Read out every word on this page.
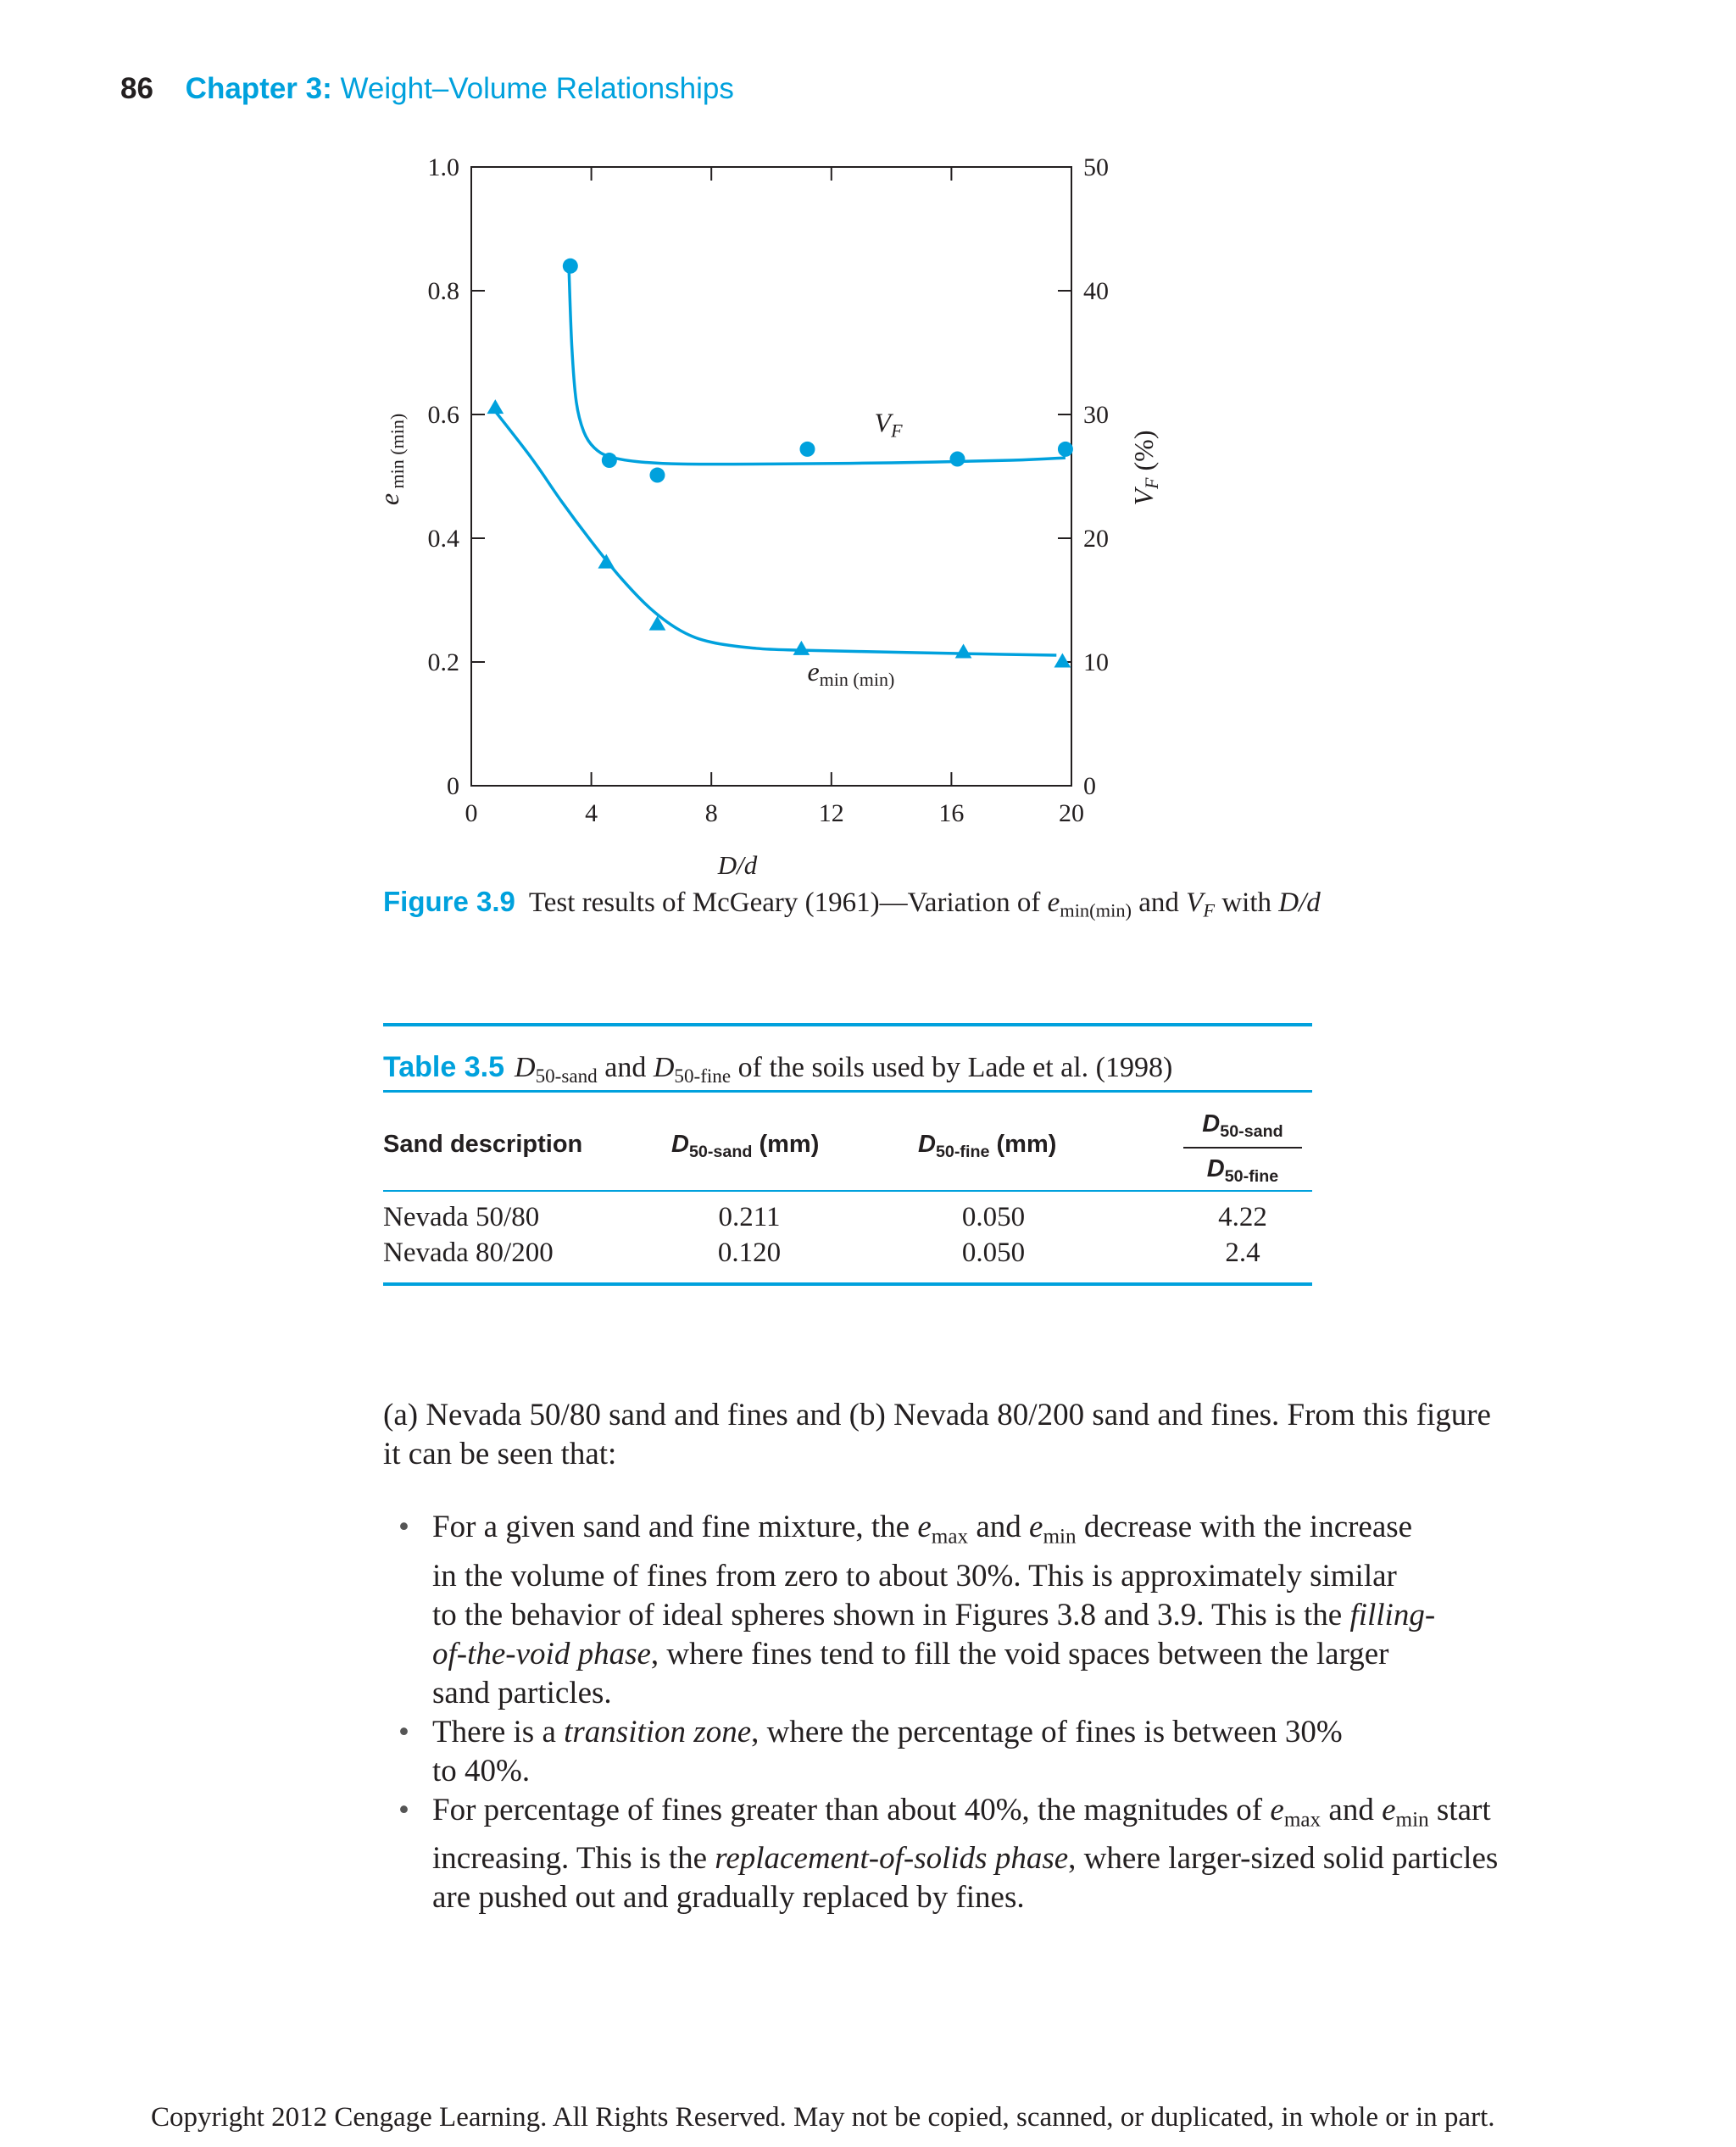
86 Chapter 3: Weight–Volume Relationships
0	4	8	12	16	20
0
0.2
0.4
0.6
0.8
1.0
0
10
20
30
40
50
D/d
e min (min)
VF (%)
VF
emin (min)
Figure 3.9 Test results of McGeary (1961)—Variation of $e_{min(min)}$ and $V_F$ with D/d
Table 3.5 $D_{50-sand}$ and $D_{50-fine}$ of the soils used by Lade et al. (1998)
Sand description	$D_{50-sand}$ (mm)	$D_{50-fine}$ (mm)
$D_{50-sand}$
$D_{50-fine}$
Nevada 50/80	0.211	0.050	4.22
Nevada 80/200	0.120	0.050	2.4
(a) Nevada 50/80 sand and fines and (b) Nevada 80/200 sand and fines. From this figure
it can be seen that:
• For a given sand and fine mixture, the $e_{max}$ and $e_{min}$ decrease with the increase
in the volume of fines from zero to about 30%. This is approximately similar
to the behavior of ideal spheres shown in Figures 3.8 and 3.9. This is the filling-
of-the-void phase, where fines tend to fill the void spaces between the larger
sand particles.
• There is a transition zone, where the percentage of fines is between 30%
to 40%.
• For percentage of fines greater than about 40%, the magnitudes of $e_{max}$ and $e_{min}$ start
increasing. This is the replacement-of-solids phase, where larger-sized solid particles
are pushed out and gradually replaced by fines.
Copyright 2012 Cengage Learning. All Rights Reserved. May not be copied, scanned, or duplicated, in whole or in part.
